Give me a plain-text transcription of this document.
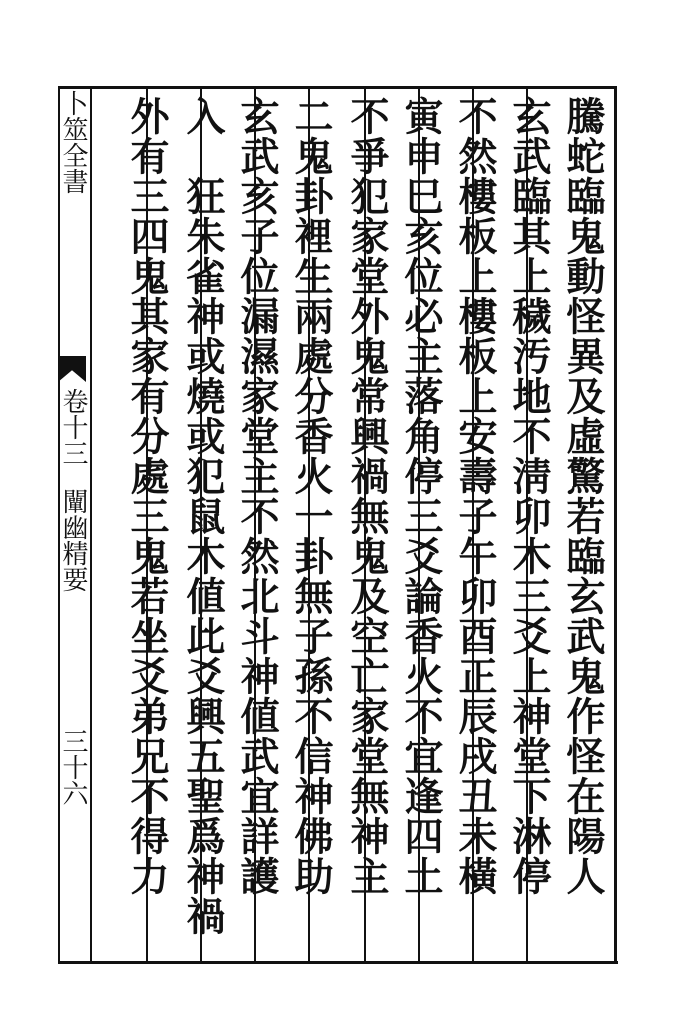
騰蛇臨鬼動怪異及虛驚若臨玄武鬼作怪在陽人
玄武臨其上穢汚地不淸卯木三爻上神堂下淋停
不然樓板上樓板上安壽子午卯酉正辰戌丑未橫
寅申巳亥位必主落角停三爻論香火不宜逢四土
不爭犯家堂外鬼常興禍無鬼及空亡家堂無神主
二鬼卦裡生兩處分香火一卦無子孫不信神佛助
玄武亥子位漏濕家堂主不然北斗神値武宜詳護
入　狂朱雀神或燒或犯鼠木値此爻興五聖爲神禍
外有三四鬼其家有分處三鬼若坐爻弟兄不得力
卜筮全書
卷十三
闡幽精要
三十六
